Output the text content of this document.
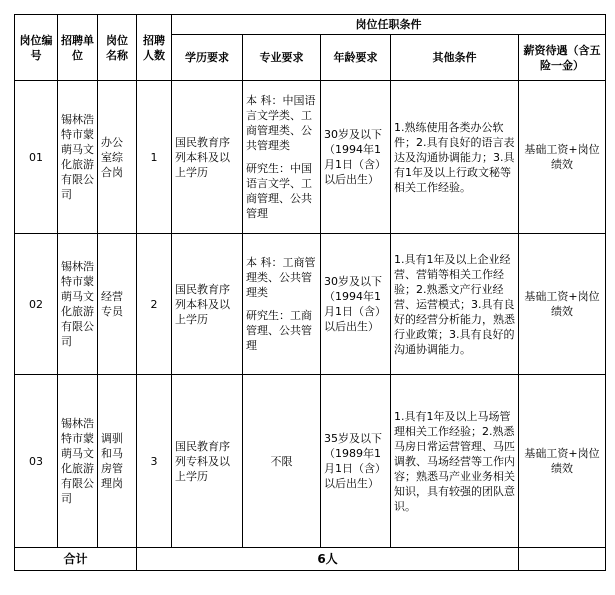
岗位编号	招聘单位	岗位名称	招聘人数	岗位任职条件				
				学历要求	专业要求	年龄要求	其他条件	薪资待遇（含五险一金）
01	锡林浩特市蒙萌马文化旅游有限公司	办公室综合岗	1	国民教育序列本科及以上学历	本 科：中国语言文学类、工商管理类、公共管理类

研究生：中国语言文学、工商管理、公共管理	30岁及以下（1994年1月1日（含）以后出生）	1.熟练使用各类办公软件；2.具有良好的语言表达及沟通协调能力；3.具有1年及以上行政文秘等相关工作经验。	基础工资+岗位绩效
02	锡林浩特市蒙萌马文化旅游有限公司	经营专员	2	国民教育序列本科及以上学历	本 科：工商管理类、公共管理类

研究生：工商管理、公共管理	30岁及以下（1994年1月1日（含）以后出生）	1.具有1年及以上企业经营、营销等相关工作经验；2.熟悉文产行业经营、运营模式；3.具有良好的经营分析能力，熟悉行业政策；3.具有良好的沟通协调能力。	基础工资+岗位绩效
03	锡林浩特市蒙萌马文化旅游有限公司	调驯和马房管理岗	3	国民教育序列专科及以上学历	不限	35岁及以下（1989年1月1日（含）以后出生）	1.具有1年及以上马场管理相关工作经验；2.熟悉马房日常运营管理、马匹调教、马场经营等工作内容；熟悉马产业业务相关知识，具有较强的团队意识。	基础工资+岗位绩效
合计			6人					
